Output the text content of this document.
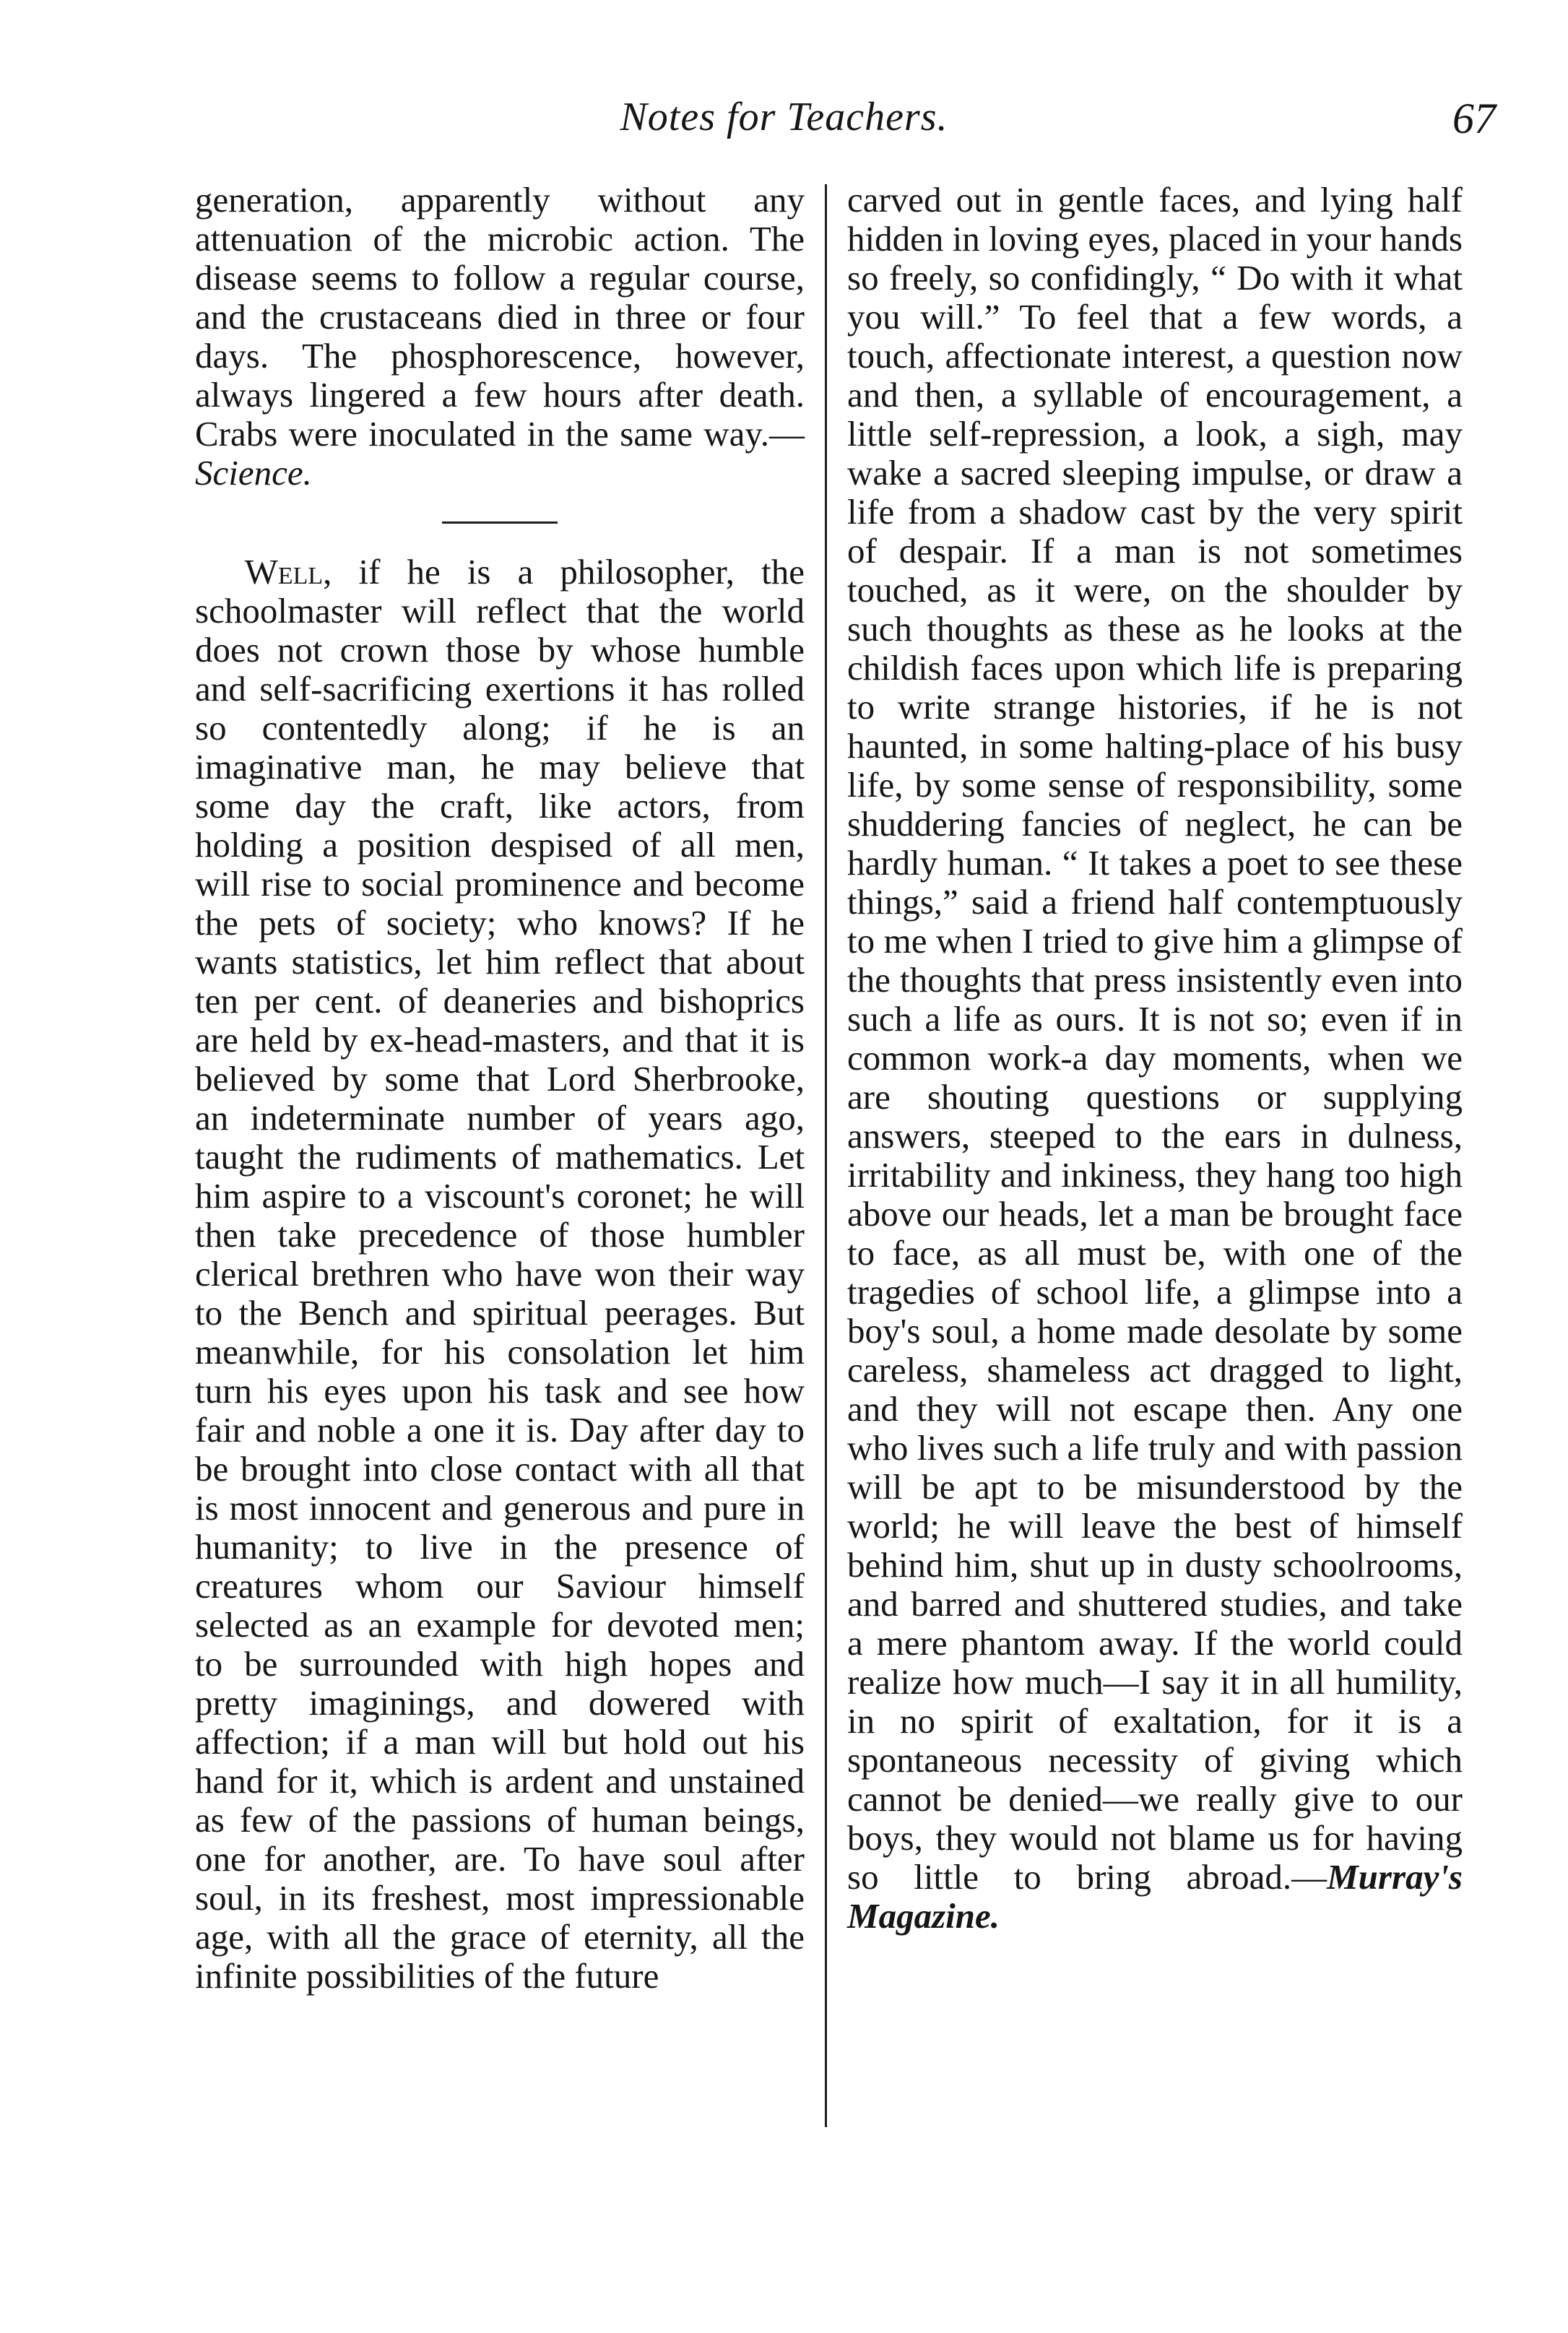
Notes for Teachers.	67

generation, apparently without any attenuation of the microbic action. The disease seems to follow a regular course, and the crustaceans died in three or four days. The phosphorescence, however, always lingered a few hours after death. Crabs were inoculated in the same way.—Science.

Well, if he is a philosopher, the schoolmaster will reflect that the world does not crown those by whose humble and self-sacrificing exertions it has rolled so contentedly along; if he is an imaginative man, he may believe that some day the craft, like actors, from holding a position despised of all men, will rise to social prominence and become the pets of society; who knows? If he wants statistics, let him reflect that about ten per cent. of deaneries and bishoprics are held by ex-head-masters, and that it is believed by some that Lord Sherbrooke, an indeterminate number of years ago, taught the rudiments of mathematics. Let him aspire to a viscount's coronet; he will then take precedence of those humbler clerical brethren who have won their way to the Bench and spiritual peerages. But meanwhile, for his consolation let him turn his eyes upon his task and see how fair and noble a one it is. Day after day to be brought into close contact with all that is most innocent and generous and pure in humanity; to live in the presence of creatures whom our Saviour himself selected as an example for devoted men; to be surrounded with high hopes and pretty imaginings, and dowered with affection; if a man will but hold out his hand for it, which is ardent and unstained as few of the passions of human beings, one for another, are. To have soul after soul, in its freshest, most impressionable age, with all the grace of eternity, all the infinite possibilities of the future

carved out in gentle faces, and lying half hidden in loving eyes, placed in your hands so freely, so confidingly, “ Do with it what you will.” To feel that a few words, a touch, affectionate interest, a question now and then, a syllable of encouragement, a little self-repression, a look, a sigh, may wake a sacred sleeping impulse, or draw a life from a shadow cast by the very spirit of despair. If a man is not sometimes touched, as it were, on the shoulder by such thoughts as these as he looks at the childish faces upon which life is preparing to write strange histories, if he is not haunted, in some halting-place of his busy life, by some sense of responsibility, some shuddering fancies of neglect, he can be hardly human. “ It takes a poet to see these things,” said a friend half contemptuously to me when I tried to give him a glimpse of the thoughts that press insistently even into such a life as ours. It is not so; even if in common work-a day moments, when we are shouting questions or supplying answers, steeped to the ears in dulness, irritability and inkiness, they hang too high above our heads, let a man be brought face to face, as all must be, with one of the tragedies of school life, a glimpse into a boy's soul, a home made desolate by some careless, shameless act dragged to light, and they will not escape then. Any one who lives such a life truly and with passion will be apt to be misunderstood by the world; he will leave the best of himself behind him, shut up in dusty schoolrooms, and barred and shuttered studies, and take a mere phantom away. If the world could realize how much—I say it in all humility, in no spirit of exaltation, for it is a spontaneous necessity of giving which cannot be denied—we really give to our boys, they would not blame us for having so little to bring abroad.—Murray's Magazine.
